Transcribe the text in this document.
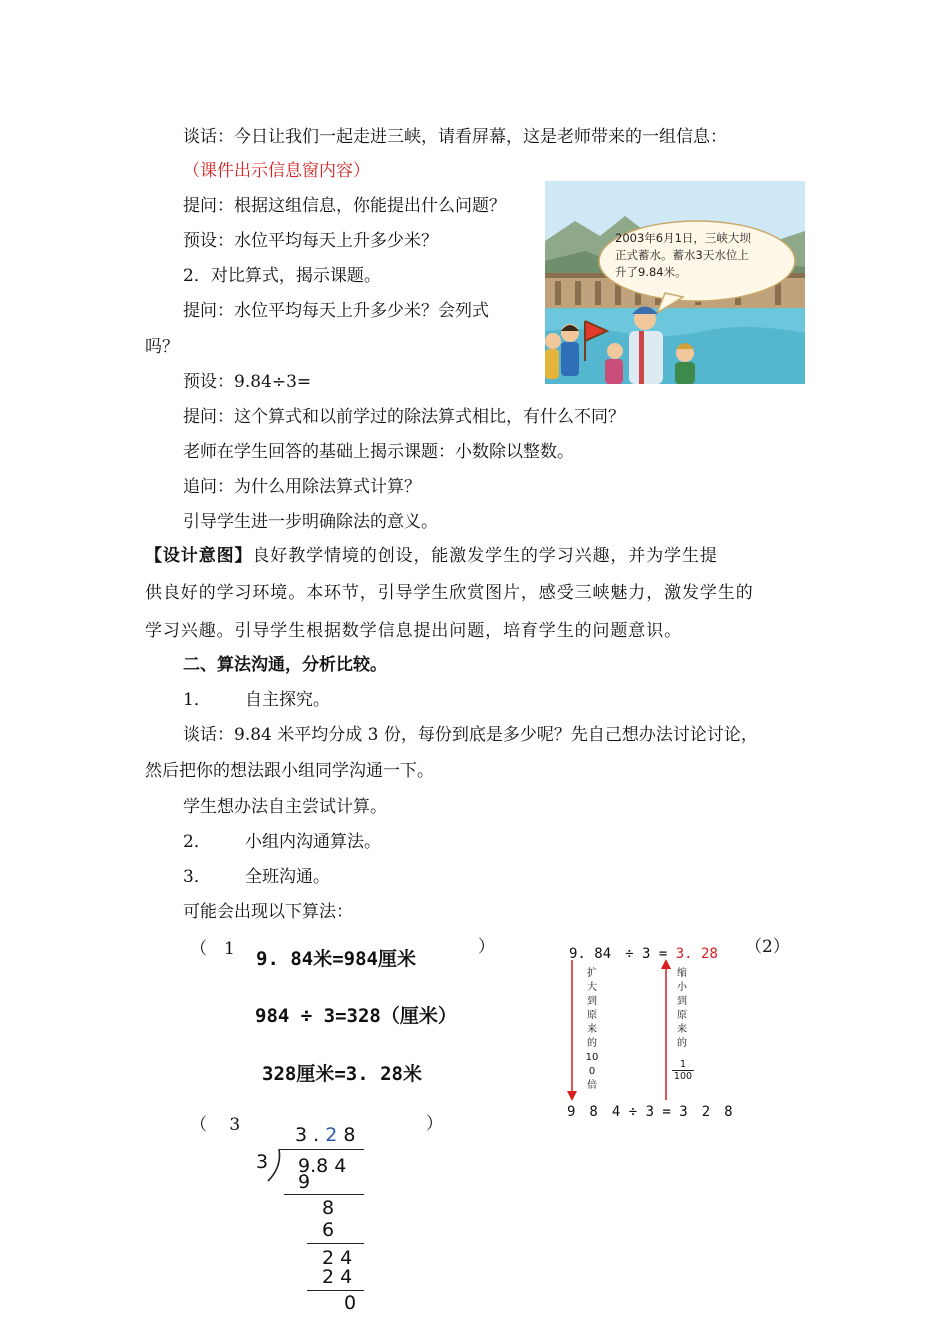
谈话：今日让我们一起走进三峡，请看屏幕，这是老师带来的一组信息：
（课件出示信息窗内容）
提问：根据这组信息，你能提出什么问题？
预设：水位平均每天上升多少米？
2．对比算式，揭示课题。
提问：水位平均每天上升多少米？会列式
吗？
预设：9.84÷3=
提问：这个算式和以前学过的除法算式相比，有什么不同？
老师在学生回答的基础上揭示课题：小数除以整数。
追问：为什么用除法算式计算？
引导学生进一步明确除法的意义。
【设计意图】良好教学情境的创设，能激发学生的学习兴趣，并为学生提
供良好的学习环境。本环节，引导学生欣赏图片，感受三峡魅力，激发学生的
学习兴趣。引导学生根据数学信息提出问题，培育学生的问题意识。
二、算法沟通，分析比较。
1． 自主探究。
谈话：9.84 米平均分成 3 份，每份到底是多少呢？先自己想办法讨论讨论，
然后把你的想法跟小组同学沟通一下。
学生想办法自主尝试计算。
2． 小组内沟通算法。
3． 全班沟通。
可能会出现以下算法：
2003年6月1日，三峡大坝
正式蓄水。蓄水3天水位上
升了9.84米。
（　1	）
9. 84米=984厘米
984 ÷ 3=328（厘米）
328厘米=3. 28米
（2）
9. 84　÷ 3 = 3. 28
扩大到原来的100倍
缩小到原来的
$\frac{1}{100}$
9　8　4 ÷ 3 = 3　2　8
（　 3	）
3 . 2 8
3 9.8 4
9
8
6
2 4
2 4
0
